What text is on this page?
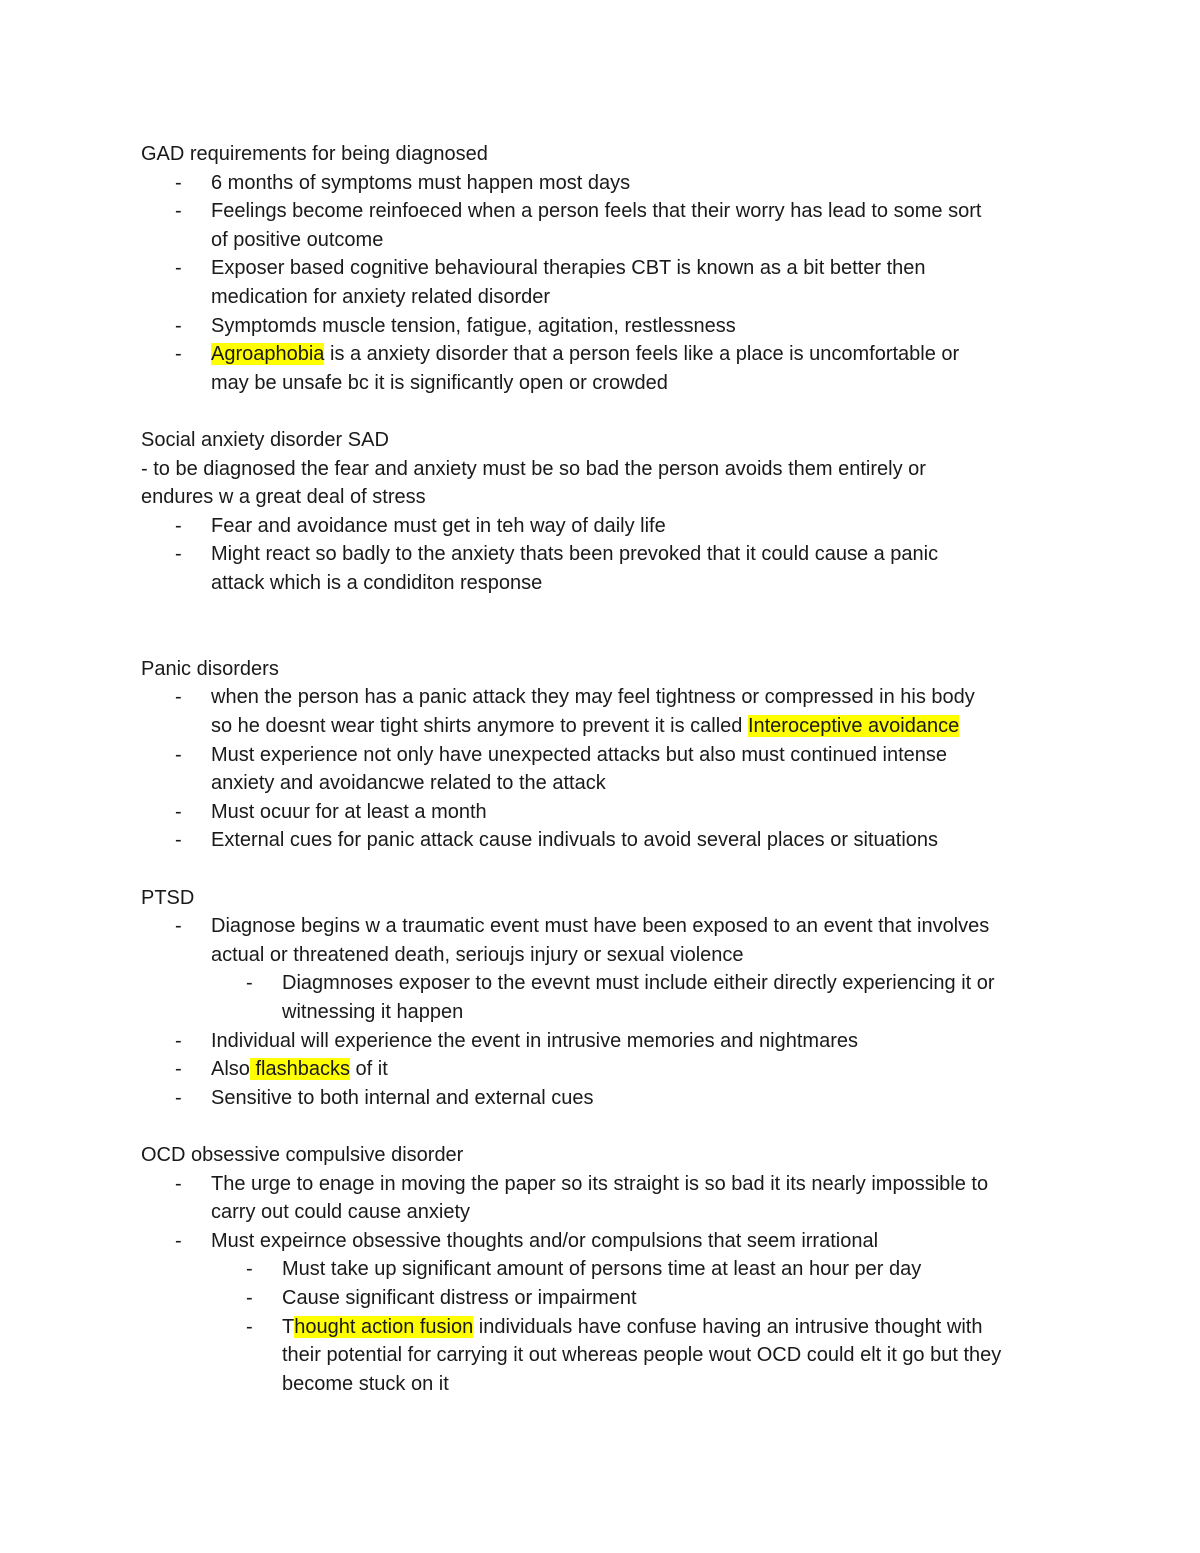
GAD requirements for being diagnosed
- 6 months of symptoms must happen most days
- Feelings become reinfoeced when a person feels that their worry has lead to some sort
of positive outcome
- Exposer based cognitive behavioural therapies CBT is known as a bit better then
medication for anxiety related disorder
- Symptomds muscle tension, fatigue, agitation, restlessness
- Agroaphobia is a anxiety disorder that a person feels like a place is uncomfortable or
may be unsafe bc it is significantly open or crowded
Social anxiety disorder SAD
- to be diagnosed the fear and anxiety must be so bad the person avoids them entirely or
endures w a great deal of stress
- Fear and avoidance must get in teh way of daily life
- Might react so badly to the anxiety thats been prevoked that it could cause a panic
attack which is a condiditon response
Panic disorders
- when the person has a panic attack they may feel tightness or compressed in his body
so he doesnt wear tight shirts anymore to prevent it is called Interoceptive avoidance
- Must experience not only have unexpected attacks but also must continued intense
anxiety and avoidancwe related to the attack
- Must ocuur for at least a month
- External cues for panic attack cause indivuals to avoid several places or situations
PTSD
- Diagnose begins w a traumatic event must have been exposed to an event that involves
actual or threatened death, serioujs injury or sexual violence
- Diagmnoses exposer to the evevnt must include eitheir directly experiencing it or
witnessing it happen
- Individual will experience the event in intrusive memories and nightmares
- Also flashbacks of it
- Sensitive to both internal and external cues
OCD obsessive compulsive disorder
- The urge to enage in moving the paper so its straight is so bad it its nearly impossible to
carry out could cause anxiety
- Must expeirnce obsessive thoughts and/or compulsions that seem irrational
- Must take up significant amount of persons time at least an hour per day
- Cause significant distress or impairment
- Thought action fusion individuals have confuse having an intrusive thought with
their potential for carrying it out whereas people wout OCD could elt it go but they
become stuck on it
